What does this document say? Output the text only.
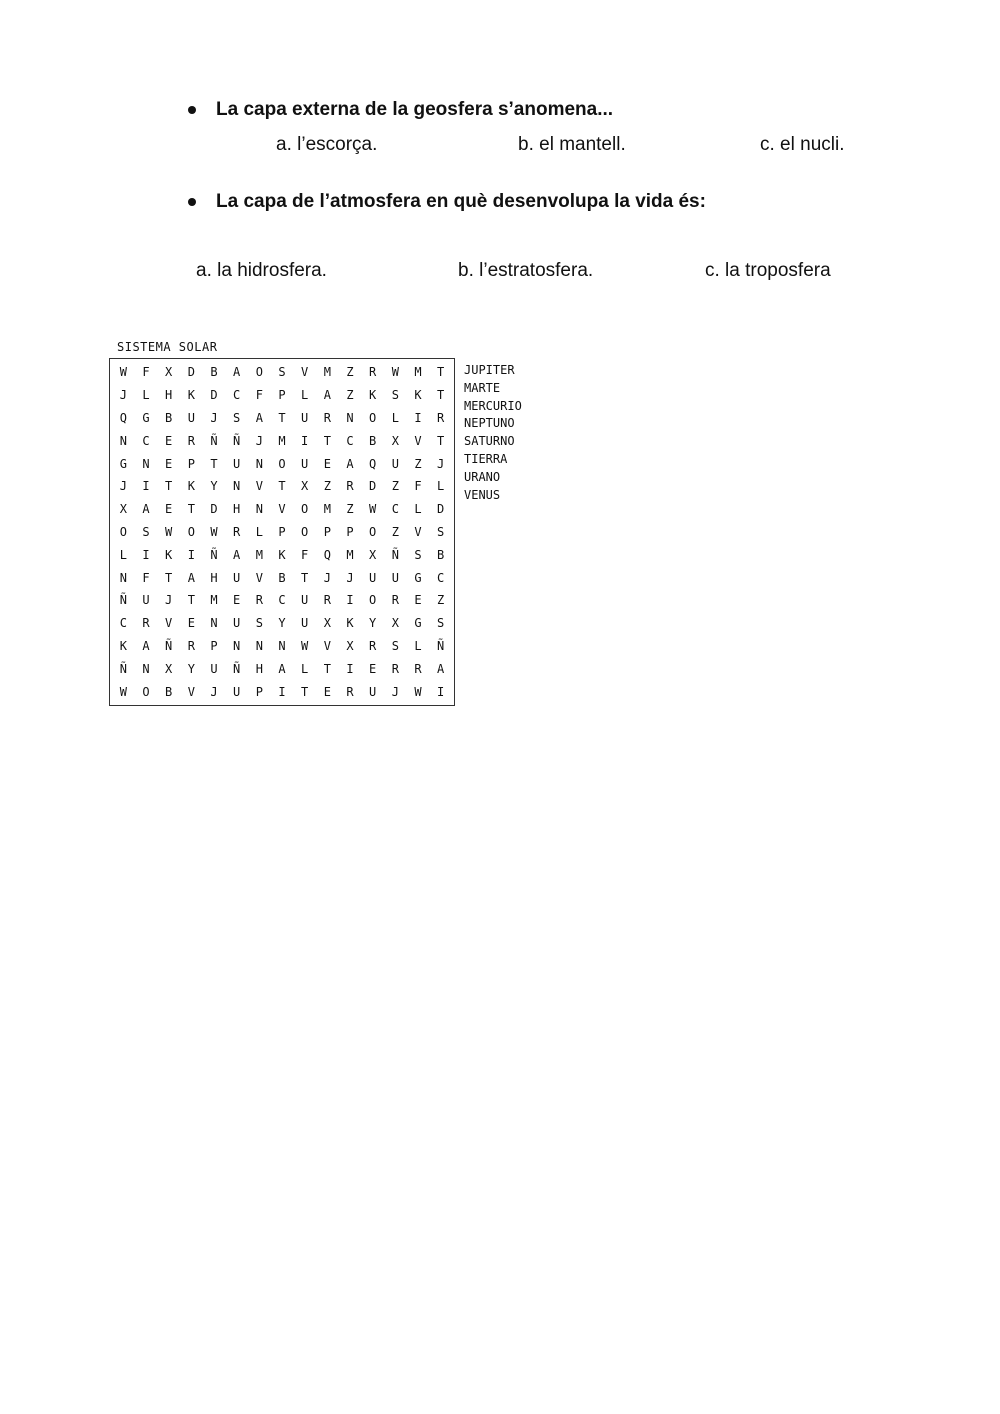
La capa externa de la geosfera s’anomena...
a. l’escorça.	b. el mantell.	c. el nucli.
La capa de l’atmosfera en què desenvolupa la vida és:
a. la hidrosfera.	b. l’estratosfera.	c. la troposfera
SISTEMA SOLAR
W	F	X	D	B	A	O	S	V	M	Z	R	W	M	T
J	L	H	K	D	C	F	P	L	A	Z	K	S	K	T
Q	G	B	U	J	S	A	T	U	R	N	O	L	I	R
N	C	E	R	Ñ	Ñ	J	M	I	T	C	B	X	V	T
G	N	E	P	T	U	N	O	U	E	A	Q	U	Z	J
J	I	T	K	Y	N	V	T	X	Z	R	D	Z	F	L
X	A	E	T	D	H	N	V	O	M	Z	W	C	L	D
O	S	W	O	W	R	L	P	O	P	P	O	Z	V	S
L	I	K	I	Ñ	A	M	K	F	Q	M	X	Ñ	S	B
N	F	T	A	H	U	V	B	T	J	J	U	U	G	C
Ñ	U	J	T	M	E	R	C	U	R	I	O	R	E	Z
C	R	V	E	N	U	S	Y	U	X	K	Y	X	G	S
K	A	Ñ	R	P	N	N	N	W	V	X	R	S	L	Ñ
Ñ	N	X	Y	U	Ñ	H	A	L	T	I	E	R	R	A
W	O	B	V	J	U	P	I	T	E	R	U	J	W	I
JUPITER
MARTE
MERCURIO
NEPTUNO
SATURNO
TIERRA
URANO
VENUS
